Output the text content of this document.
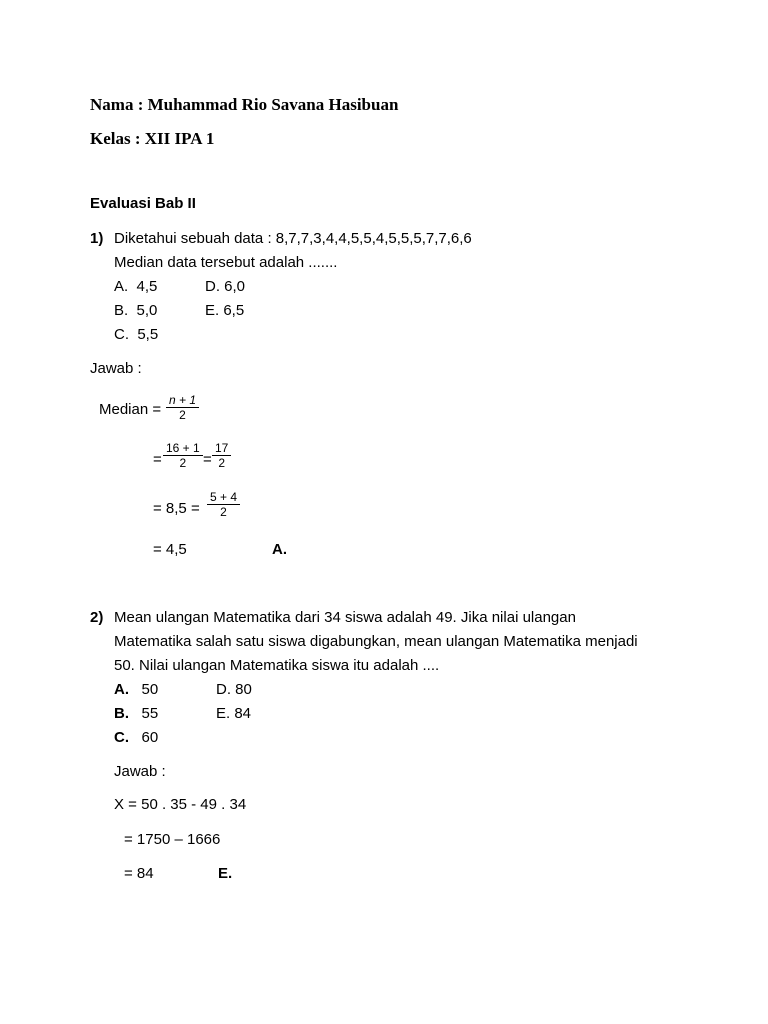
Nama : Muhammad Rio Savana Hasibuan
Kelas : XII IPA 1
Evaluasi Bab II
1) Diketahui sebuah data : 8,7,7,3,4,4,5,5,4,5,5,5,7,7,6,6
Median data tersebut adalah .......
A. 4,5	D. 6,0
B. 5,0	E. 6,5
C. 5,5
Jawab :
Median = $\frac{n + 1}{2}$
= $\frac{16 + 1}{2} = \frac{17}{2}$
= $8,5 = \frac{5 + 4}{2}$
= 4,5	A.
2) Mean ulangan Matematika dari 34 siswa adalah 49. Jika nilai ulangan
Matematika salah satu siswa digabungkan, mean ulangan Matematika menjadi
50. Nilai ulangan Matematika siswa itu adalah ....
A. 50	D. 80
B. 55	E. 84
C. 60
Jawab :
X = 50 . 35 - 49 . 34
= 1750 – 1666
= 84	E.
